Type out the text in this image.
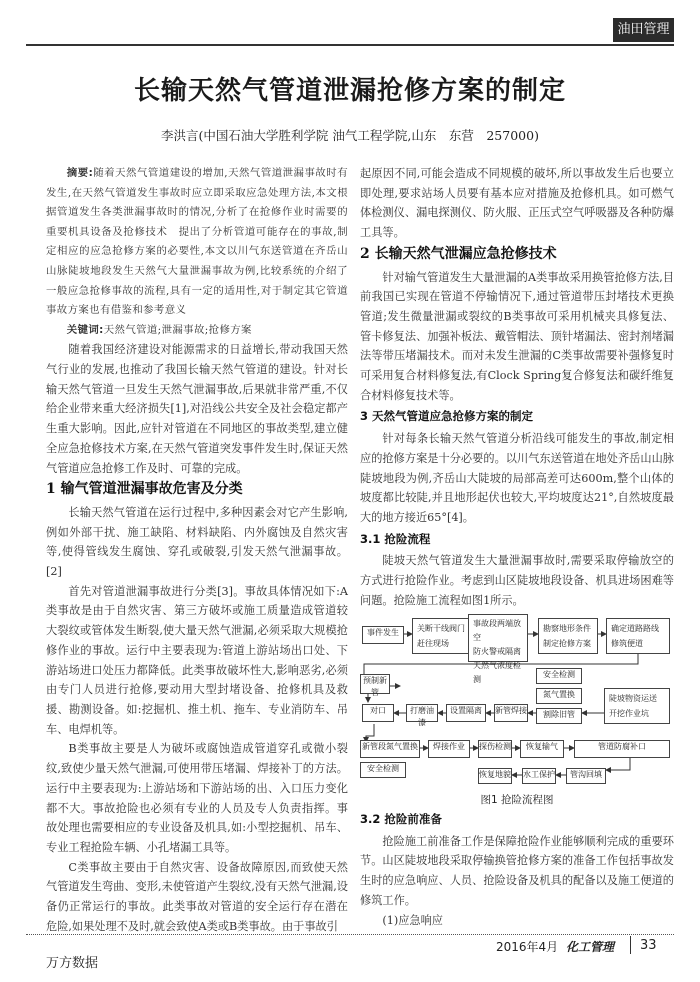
油田管理
长输天然气管道泄漏抢修方案的制定
李洪言(中国石油大学胜利学院 油气工程学院,山东　东营　257000)

摘要:随着天然气管道建设的增加,天然气管道泄漏事故时有发生,在天然气管道发生事故时应立即采取应急处理方法,本文根据管道发生各类泄漏事故时的情况,分析了在抢修作业时需要的重要机具设备及抢修技术　提出了分析管道可能存在的事故,制定相应的应急抢修方案的必要性,本文以川气东送管道在齐岳山山脉陡坡地段发生天然气大量泄漏事故为例,比较系统的介绍了一般应急抢修事故的流程,具有一定的适用性,对于制定其它管道事故方案也有借鉴和参考意义

关键词:天然气管道;泄漏事故;抢修方案

随着我国经济建设对能源需求的日益增长,带动我国天然气行业的发展,也推动了我国长输天然气管道的建设。针对长输天然气管道一旦发生天然气泄漏事故,后果就非常严重,不仅给企业带来重大经济损失[1],对沿线公共安全及社会稳定都产生重大影响。因此,应针对管道在不同地区的事故类型,建立健全应急抢修技术方案,在天然气管道突发事件发生时,保证天然气管道应急抢修工作及时、可靠的完成。

1 输气管道泄漏事故危害及分类

长输天然气管道在运行过程中,多种因素会对它产生影响,例如外部干扰、施工缺陷、材料缺陷、内外腐蚀及自然灾害等,使得管线发生腐蚀、穿孔或破裂,引发天然气泄漏事故。[2]

首先对管道泄漏事故进行分类[3]。事故具体情况如下:A类事故是由于自然灾害、第三方破坏或施工质量造成管道较大裂纹或管体发生断裂,使大量天然气泄漏,必须采取大规模抢修作业的事故。运行中主要表现为:管道上游站场出口处、下游站场进口处压力都降低。此类事故破坏性大,影响恶劣,必须由专门人员进行抢修,要动用大型封堵设备、抢修机具及救援、勘测设备。如:挖掘机、推土机、拖车、专业消防车、吊车、电焊机等。

B类事故主要是人为破坏或腐蚀造成管道穿孔或微小裂纹,致使少量天然气泄漏,可使用带压堵漏、焊接补丁的方法。运行中主要表现为:上游站场和下游站场的出、入口压力变化都不大。事故抢险也必须有专业的人员及专人负责指挥。事故处理也需要相应的专业设备及机具,如:小型挖掘机、吊车、专业工程抢险车辆、小孔堵漏工具等。

C类事故主要由于自然灾害、设备故障原因,而致使天然气管道发生弯曲、变形,未使管道产生裂纹,没有天然气泄漏,设备仍正常运行的事故。此类事故对管道的安全运行存在潜在危险,如果处理不及时,就会致使A类或B类事故。由于事故引

起原因不同,可能会造成不同规模的破坏,所以事故发生后也要立即处理,要求站场人员要有基本应对措施及抢修机具。如可燃气体检测仪、漏电探测仪、防火服、正压式空气呼吸器及各种防爆工具等。

2 长输天然气泄漏应急抢修技术

针对输气管道发生大量泄漏的A类事故采用换管抢修方法,目前我国已实现在管道不停输情况下,通过管道带压封堵技术更换管道;发生微量泄漏或裂纹的B类事故可采用机械夹具修复法、管卡修复法、加强补板法、戴管帽法、顶针堵漏法、密封剂堵漏法等带压堵漏技术。而对未发生泄漏的C类事故需要补强修复时可采用复合材料修复法,有Clock Spring复合修复法和碳纤维复合材料修复技术等。

3 天然气管道应急抢修方案的制定

针对每条长输天然气管道分析沿线可能发生的事故,制定相应的抢修方案是十分必要的。以川气东送管道在地处齐岳山山脉陡坡地段为例,齐岳山大陡坡的局部高差可达600m,整个山体的坡度都比较陡,并且地形起伏也较大,平均坡度达21°,自然坡度最大的地方接近65°[4]。

3.1 抢险流程

陡坡天然气管道发生大量泄漏事故时,需要采取停输放空的方式进行抢险作业。考虑到山区陡坡地段设备、机具进场困难等问题。抢险施工流程如图1所示。

事件发生	关断干线阀门
赶往现场
事故段两端放空
防火警戒隔离
天然气浓度检测
勘察地形条件
制定抢修方案
确定道路路线
修筑便道
预制新管
安全检测
氮气置换
割除旧管
陡坡物资运送
开挖作业坑
对口	打磨油漆
设置隔离	新管焊接
新管段氮气置换	焊接作业	探伤检测	恢复输气	管道防腐补口
安全检测
恢复地貌 水工保护	管沟回填
图1 抢险流程图
3.2 抢险前准备

抢险施工前准备工作是保障抢险作业能够顺利完成的重要环节。山区陡坡地段采取停输换管抢修方案的准备工作包括事故发生时的应急响应、人员、抢险设备及机具的配备以及施工便道的修筑工作。

(1)应急响应

2016年4月 化工管理 33
万方数据
